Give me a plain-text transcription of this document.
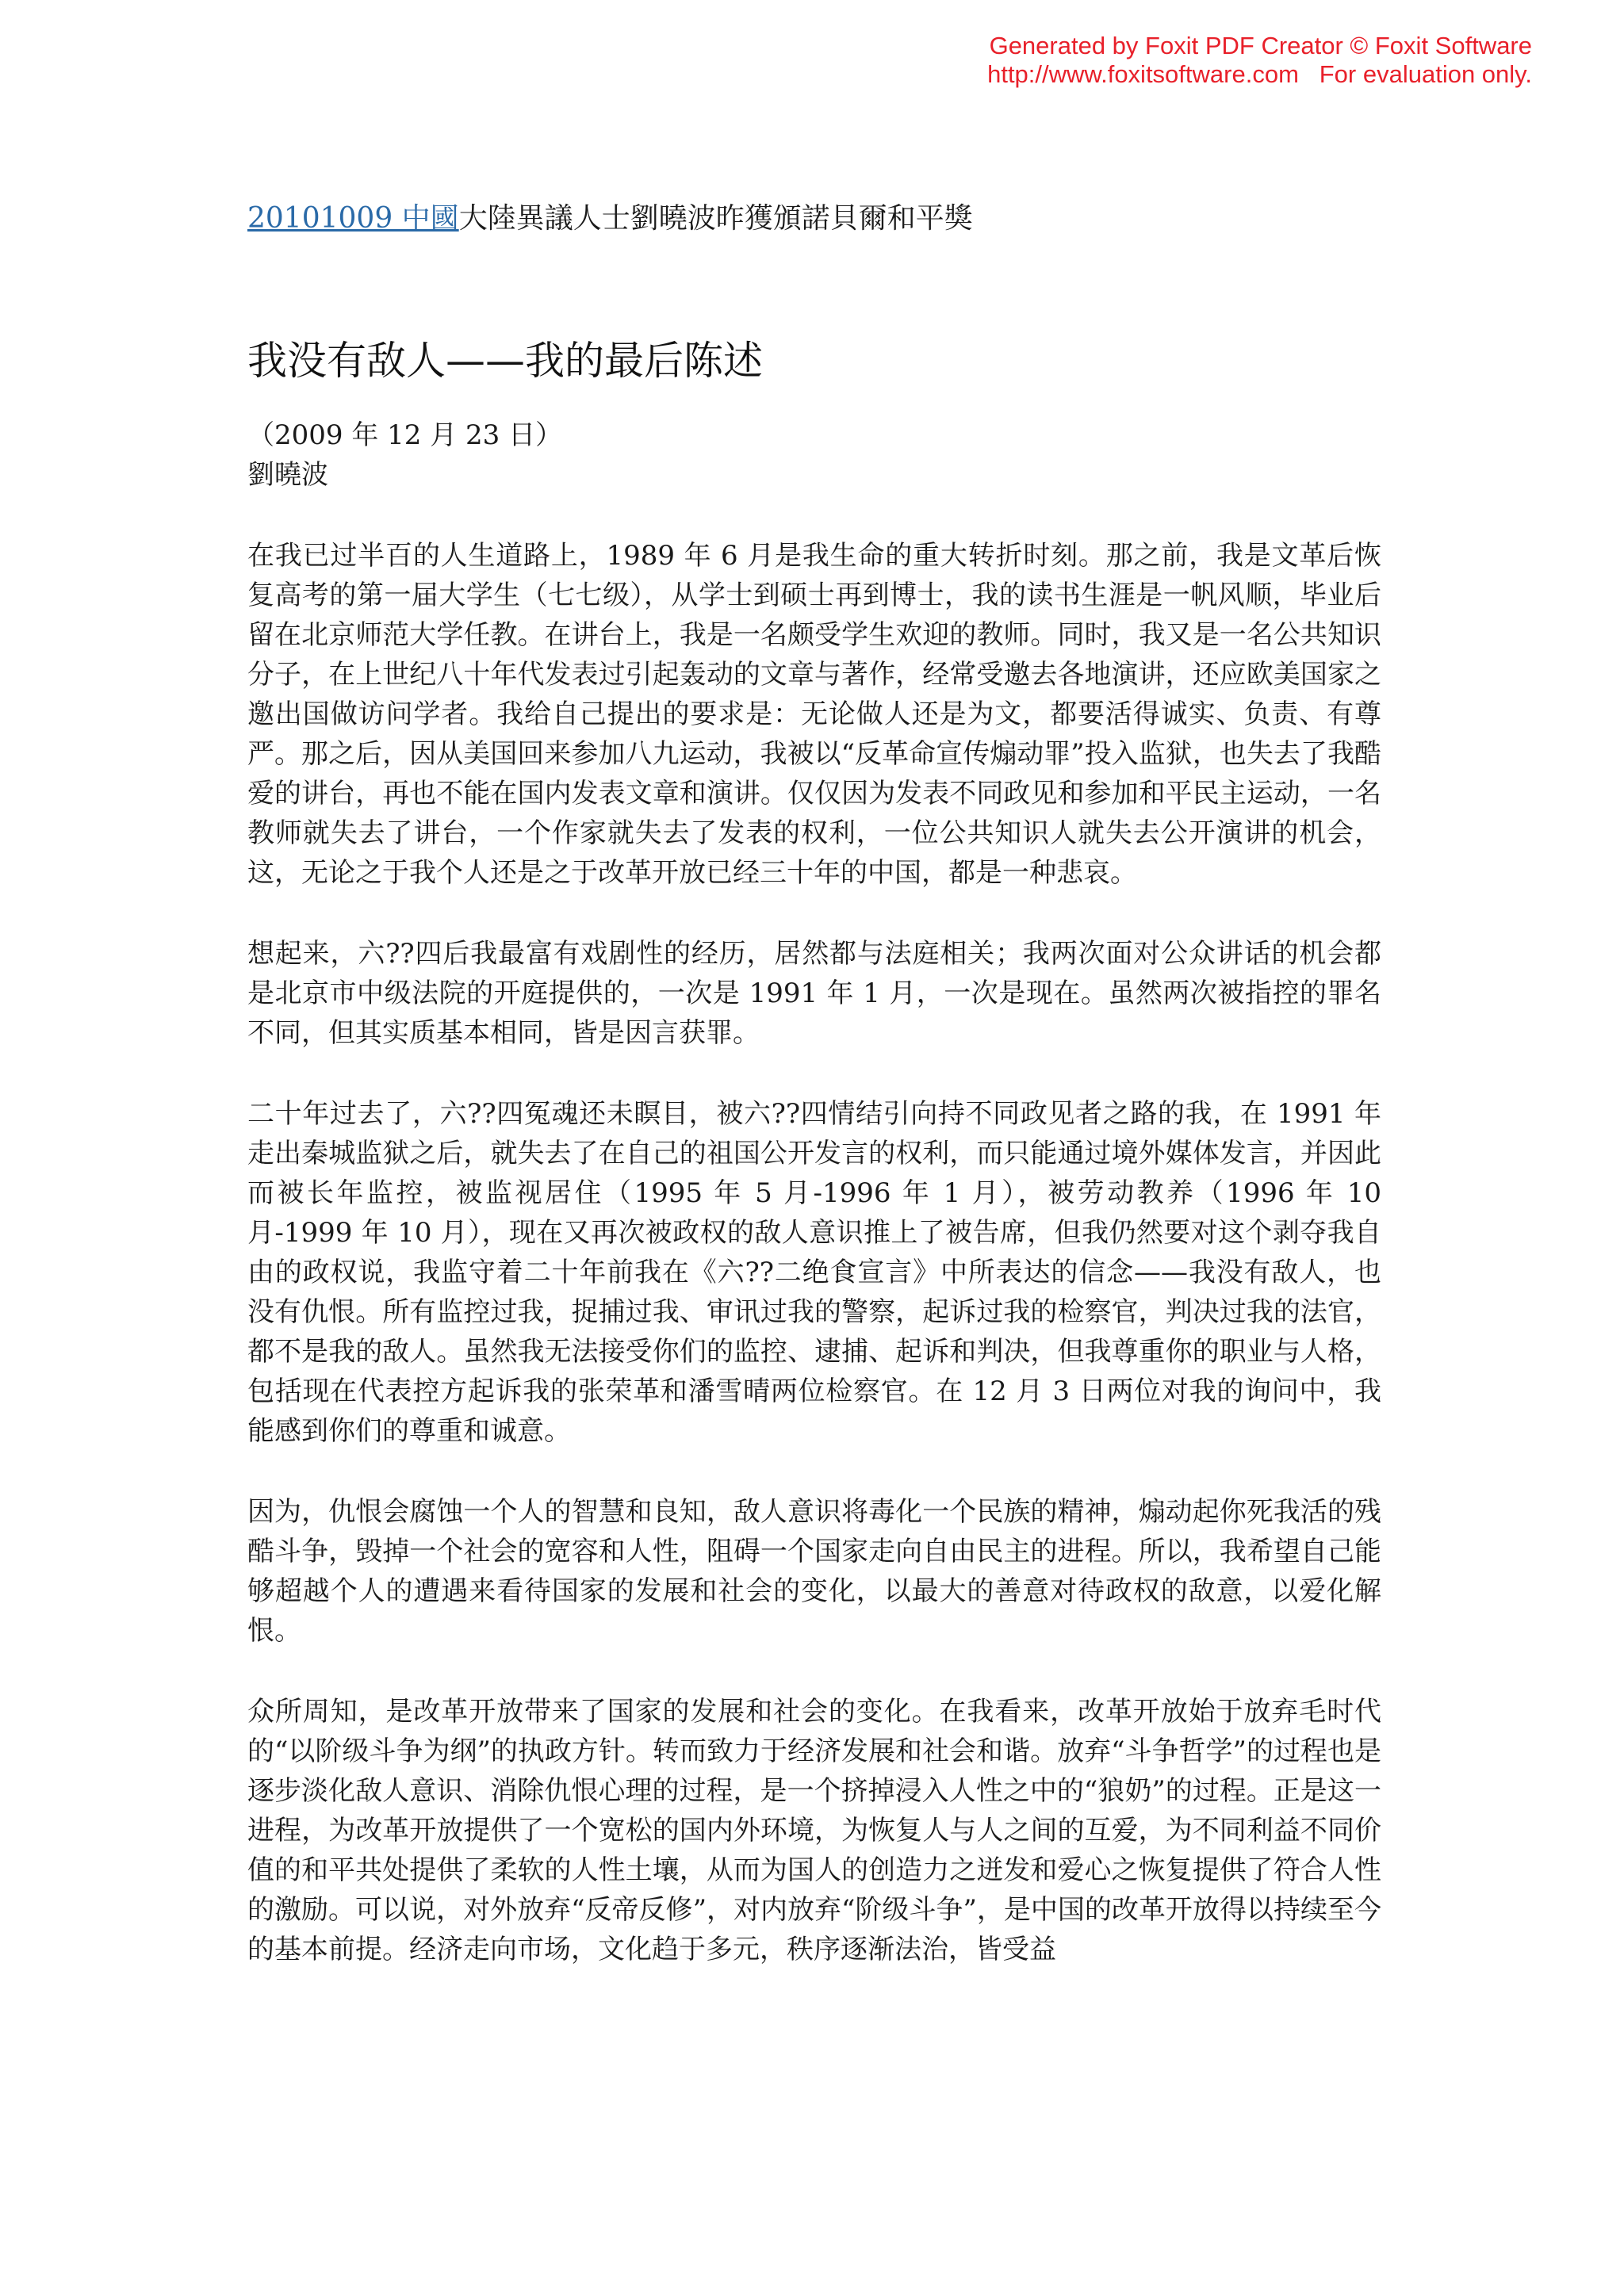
Generated by Foxit PDF Creator © Foxit Software
http://www.foxitsoftware.com For evaluation only.

20101009 中國大陸異議人士劉曉波昨獲頒諾貝爾和平獎

我没有敌人——我的最后陈述

（2009 年 12 月 23 日）
劉曉波

在我已过半百的人生道路上，1989 年 6 月是我生命的重大转折时刻。那之前，我是文革后恢复高考的第一届大学生（七七级），从学士到硕士再到博士，我的读书生涯是一帆风顺，毕业后留在北京师范大学任教。在讲台上，我是一名颇受学生欢迎的教师。同时，我又是一名公共知识分子，在上世纪八十年代发表过引起轰动的文章与著作，经常受邀去各地演讲，还应欧美国家之邀出国做访问学者。我给自己提出的要求是：无论做人还是为文，都要活得诚实、负责、有尊严。那之后，因从美国回来参加八九运动，我被以“反革命宣传煽动罪”投入监狱，也失去了我酷爱的讲台，再也不能在国内发表文章和演讲。仅仅因为发表不同政见和参加和平民主运动，一名教师就失去了讲台，一个作家就失去了发表的权利，一位公共知识人就失去公开演讲的机会，这，无论之于我个人还是之于改革开放已经三十年的中国，都是一种悲哀。

想起来，六??四后我最富有戏剧性的经历，居然都与法庭相关；我两次面对公众讲话的机会都是北京市中级法院的开庭提供的，一次是 1991 年 1 月，一次是现在。虽然两次被指控的罪名不同，但其实质基本相同，皆是因言获罪。

二十年过去了，六??四冤魂还未瞑目，被六??四情结引向持不同政见者之路的我，在 1991 年走出秦城监狱之后，就失去了在自己的祖国公开发言的权利，而只能通过境外媒体发言，并因此而被长年监控，被监视居住（1995 年 5 月-1996 年 1 月），被劳动教养（1996 年 10 月-1999 年 10 月），现在又再次被政权的敌人意识推上了被告席，但我仍然要对这个剥夺我自由的政权说，我监守着二十年前我在《六??二绝食宣言》中所表达的信念——我没有敌人，也没有仇恨。所有监控过我，捉捕过我、审讯过我的警察，起诉过我的检察官，判决过我的法官，都不是我的敌人。虽然我无法接受你们的监控、逮捕、起诉和判决，但我尊重你的职业与人格，包括现在代表控方起诉我的张荣革和潘雪晴两位检察官。在 12 月 3 日两位对我的询问中，我能感到你们的尊重和诚意。

因为，仇恨会腐蚀一个人的智慧和良知，敌人意识将毒化一个民族的精神，煽动起你死我活的残酷斗争，毁掉一个社会的宽容和人性，阻碍一个国家走向自由民主的进程。所以，我希望自己能够超越个人的遭遇来看待国家的发展和社会的变化，以最大的善意对待政权的敌意，以爱化解恨。

众所周知，是改革开放带来了国家的发展和社会的变化。在我看来，改革开放始于放弃毛时代的“以阶级斗争为纲”的执政方针。转而致力于经济发展和社会和谐。放弃“斗争哲学”的过程也是逐步淡化敌人意识、消除仇恨心理的过程，是一个挤掉浸入人性之中的“狼奶”的过程。正是这一进程，为改革开放提供了一个宽松的国内外环境，为恢复人与人之间的互爱，为不同利益不同价值的和平共处提供了柔软的人性土壤，从而为国人的创造力之迸发和爱心之恢复提供了符合人性的激励。可以说，对外放弃“反帝反修”，对内放弃“阶级斗争”，是中国的改革开放得以持续至今的基本前提。经济走向市场，文化趋于多元，秩序逐渐法治，皆受益
